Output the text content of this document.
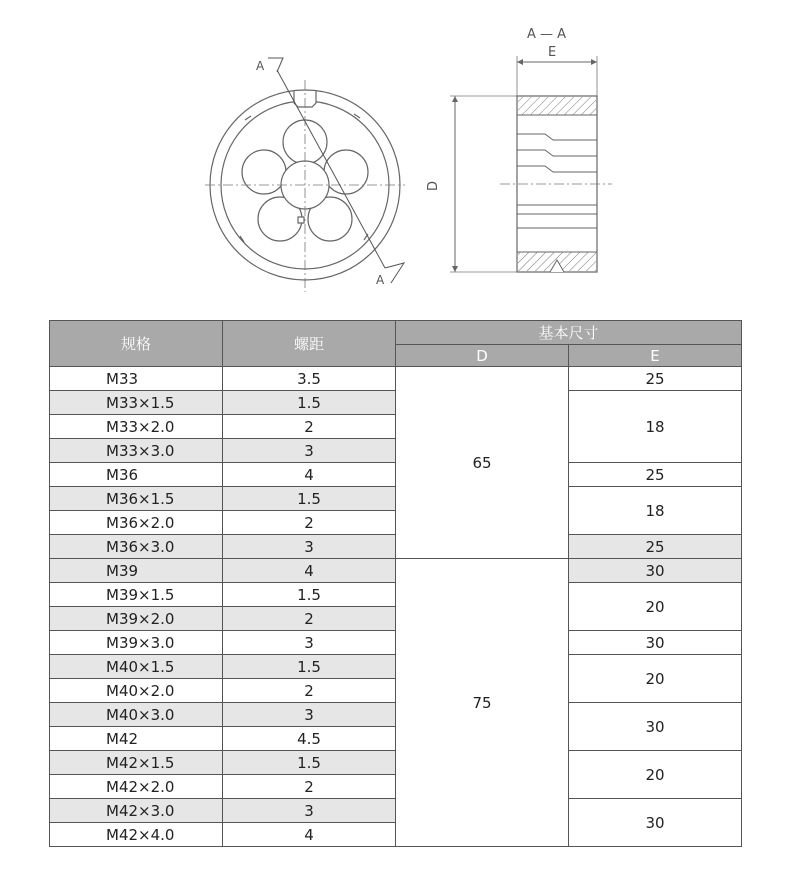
A
A
A — A
E
D
规格	螺距	基本尺寸	
		D	E
M33	3.5	65	25
M33×1.5	1.5		18
M33×2.0	2		
M33×3.0	3		
M36	4		25
M36×1.5	1.5		18
M36×2.0	2		
M36×3.0	3		25
M39	4	75	30
M39×1.5	1.5		20
M39×2.0	2		
M39×3.0	3		30
M40×1.5	1.5		20
M40×2.0	2		
M40×3.0	3		30
M42	4.5		
M42×1.5	1.5		20
M42×2.0	2		
M42×3.0	3		30
M42×4.0	4		
